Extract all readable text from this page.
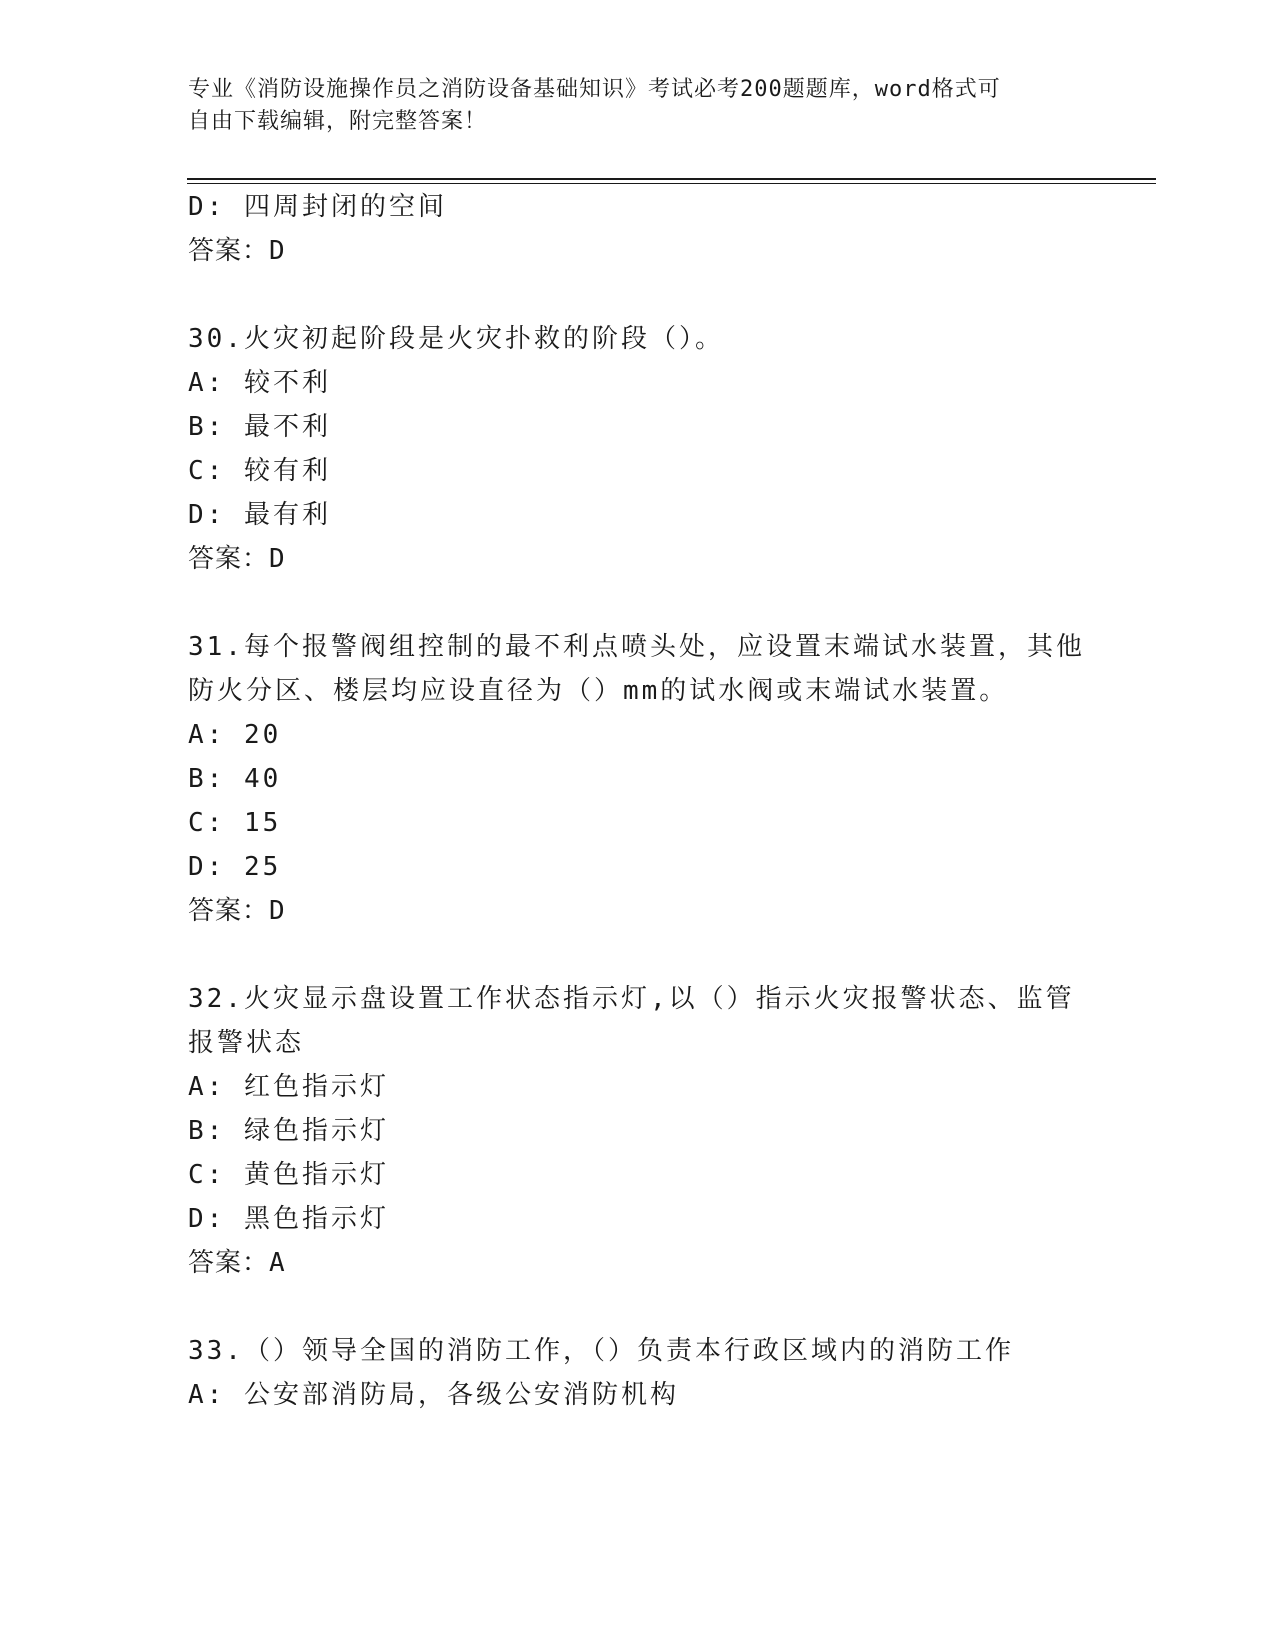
专业《消防设施操作员之消防设备基础知识》考试必考200题题库，word格式可
自由下载编辑，附完整答案！
D: 四周封闭的空间
答案：D
30.火灾初起阶段是火灾扑救的阶段（）。
A: 较不利
B: 最不利
C: 较有利
D: 最有利
答案：D
31.每个报警阀组控制的最不利点喷头处，应设置末端试水装置，其他
防火分区、楼层均应设直径为（）mm的试水阀或末端试水装置。
A: 20
B: 40
C: 15
D: 25
答案：D
32.火灾显示盘设置工作状态指示灯,以（）指示火灾报警状态、监管
报警状态
A: 红色指示灯
B: 绿色指示灯
C: 黄色指示灯
D: 黑色指示灯
答案：A
33.（）领导全国的消防工作，（）负责本行政区域内的消防工作
A: 公安部消防局，各级公安消防机构
